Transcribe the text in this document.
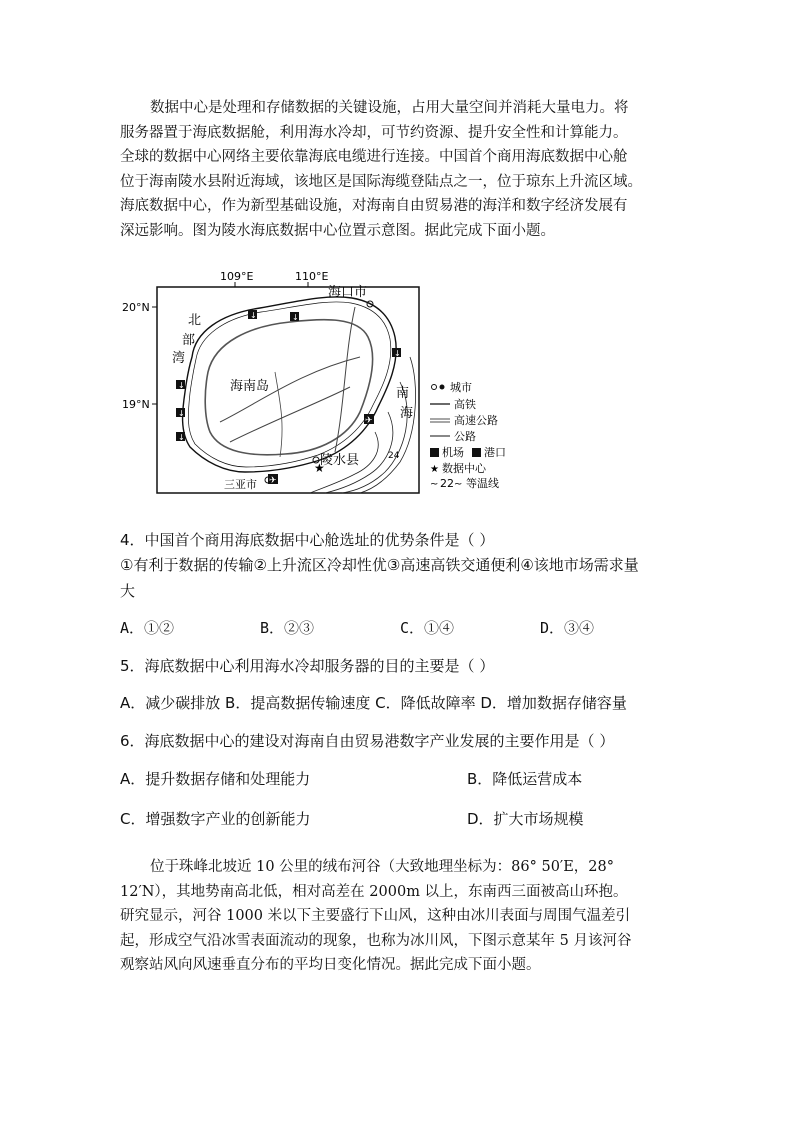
数据中心是处理和存储数据的关键设施，占用大量空间并消耗大量电力。将
服务器置于海底数据舱，利用海水冷却，可节约资源、提升安全性和计算能力。
全球的数据中心网络主要依靠海底电缆进行连接。中国首个商用海底数据中心舱
位于海南陵水县附近海域，该地区是国际海缆登陆点之一，位于琼东上升流区域。
海底数据中心，作为新型基础设施，对海南自由贸易港的海洋和数字经济发展有
深远影响。图为陵水海底数据中心位置示意图。据此完成下面小题。
109°E	110°E
20°N
19°N
24
海口市
北
部
湾
海南岛	南
海
陵水县
三亚市
↓	↓
↓
↓
↓
↓
✈
✈
★
城市
高铁
高速公路
公路
机场 港口
★ 数据中心
~ 22 ~ 等温线

4．中国首个商用海底数据中心舱选址的优势条件是（ ）

①有利于数据的传输②上升流区冷却性优③高速高铁交通便利④该地市场需求量

大

A．①②	B．②③	C．①④	D．③④

5．海底数据中心利用海水冷却服务器的目的主要是（ ）

A．减少碳排放 B．提高数据传输速度 C．降低故障率 D．增加数据存储容量

6．海底数据中心的建设对海南自由贸易港数字产业发展的主要作用是（ ）

A．提升数据存储和处理能力	B．降低运营成本
C．增强数字产业的创新能力	D．扩大市场规模
位于珠峰北坡近 10 公里的绒布河谷（大致地理坐标为：86° 50′E，28°
12′N），其地势南高北低，相对高差在 2000m 以上，东南西三面被高山环抱。
研究显示，河谷 1000 米以下主要盛行下山风，这种由冰川表面与周围气温差引
起，形成空气沿冰雪表面流动的现象，也称为冰川风，下图示意某年 5 月该河谷
观察站风向风速垂直分布的平均日变化情况。据此完成下面小题。
